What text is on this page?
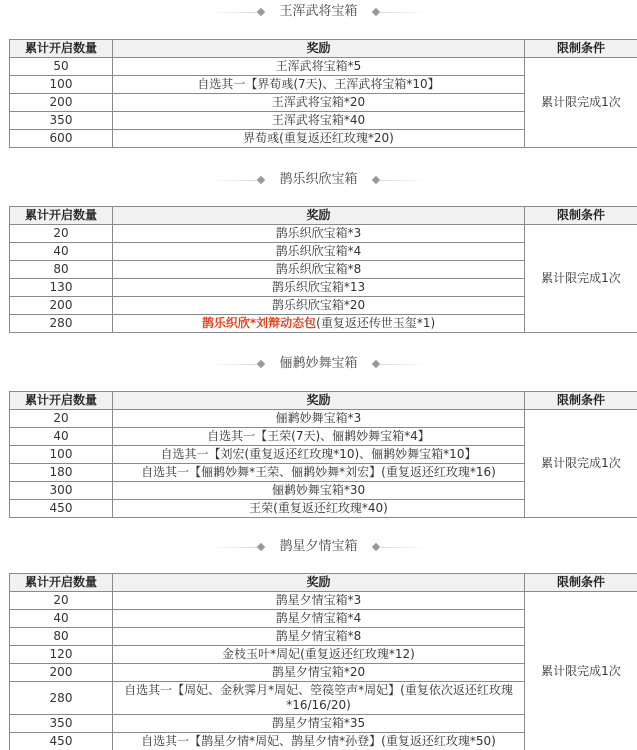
王浑武将宝箱
累计开启数量	奖励	限制条件
50	王浑武将宝箱*5	累计限完成1次
100	自选其一【界荀彧(7天)、王浑武将宝箱*10】	
200	王浑武将宝箱*20	
350	王浑武将宝箱*40	
600	界荀彧(重复返还红玫瑰*20)	
鹊乐织欣宝箱
累计开启数量	奖励	限制条件
20	鹊乐织欣宝箱*3	累计限完成1次
40	鹊乐织欣宝箱*4	
80	鹊乐织欣宝箱*8	
130	鹊乐织欣宝箱*13	
200	鹊乐织欣宝箱*20	
280	鹊乐织欣*刘辩动态包(重复返还传世玉玺*1)	
俪鹣妙舞宝箱
累计开启数量	奖励	限制条件
20	俪鹣妙舞宝箱*3	累计限完成1次
40	自选其一【王荣(7天)、俪鹣妙舞宝箱*4】	
100	自选其一【刘宏(重复返还红玫瑰*10)、俪鹣妙舞宝箱*10】	
180	自选其一【俪鹣妙舞*王荣、俪鹣妙舞*刘宏】(重复返还红玫瑰*16)	
300	俪鹣妙舞宝箱*30	
450	王荣(重复返还红玫瑰*40)	
鹊星夕情宝箱
累计开启数量	奖励	限制条件
20	鹊星夕情宝箱*3	累计限完成1次
40	鹊星夕情宝箱*4	
80	鹊星夕情宝箱*8	
120	金枝玉叶*周妃(重复返还红玫瑰*12)	
200	鹊星夕情宝箱*20	
280	自选其一【周妃、金秋霁月*周妃、箜篌箜声*周妃】(重复依次返还红玫瑰*16/16/20)	
350	鹊星夕情宝箱*35	
450	自选其一【鹊星夕情*周妃、鹊星夕情*孙登】(重复返还红玫瑰*50)	
